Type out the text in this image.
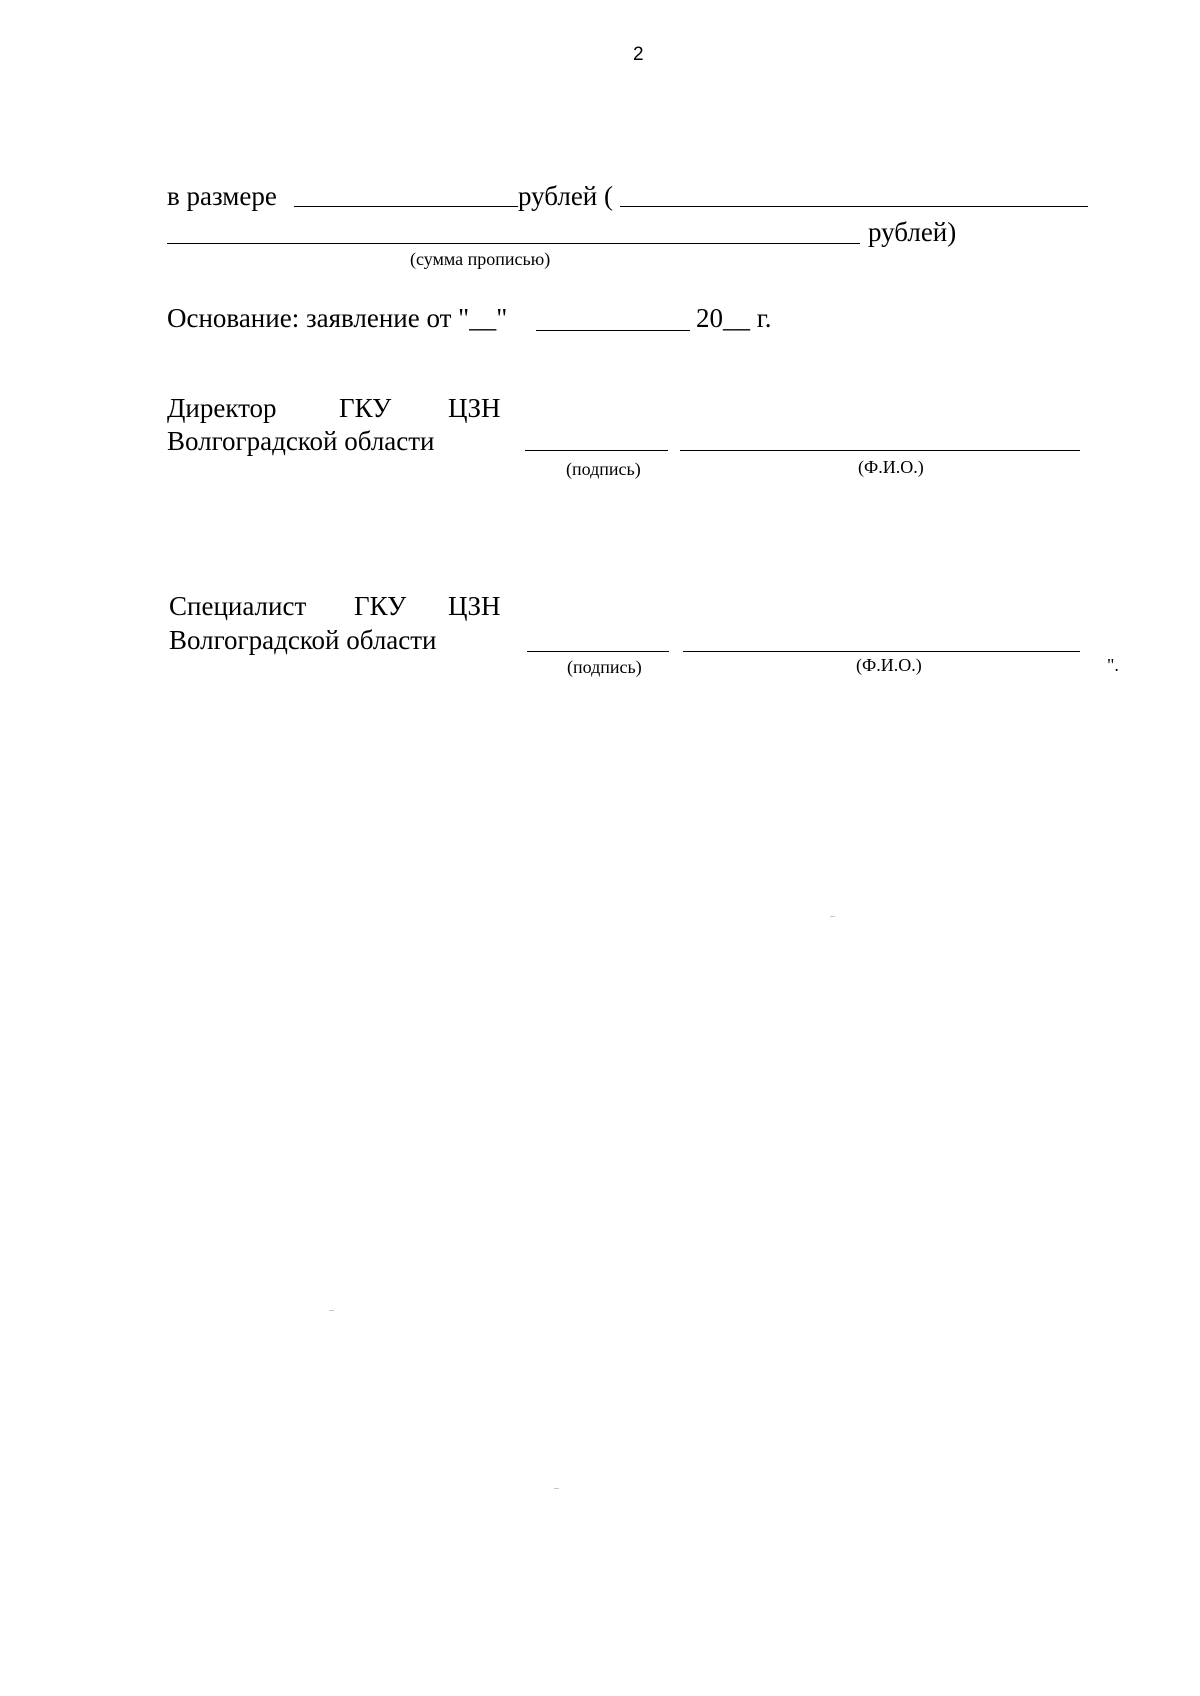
2
в размере	рублей (
рублей)
(сумма прописью)
Основание: заявление от "__"	20__ г.
Директор ГКУ ЦЗН
Волгоградской области
(подпись)	(Ф.И.О.)
Специалист ГКУ ЦЗН
Волгоградской области
(подпись)	(Ф.И.О.)	".
